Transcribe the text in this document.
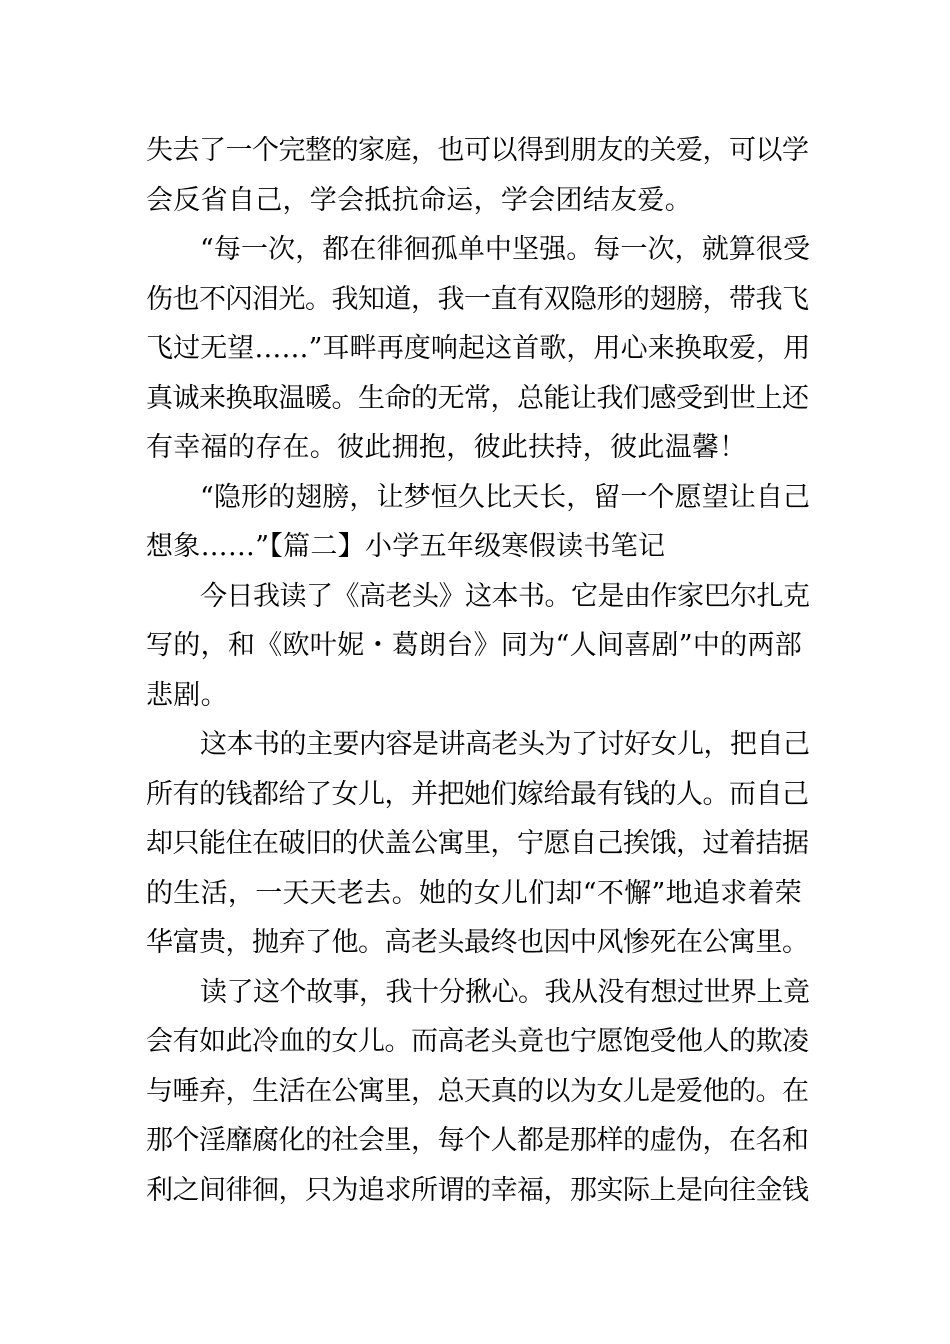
失去了一个完整的家庭，也可以得到朋友的关爱，可以学
会反省自己，学会抵抗命运，学会团结友爱。
“每一次，都在徘徊孤单中坚强。每一次，就算很受
伤也不闪泪光。我知道，我一直有双隐形的翅膀，带我飞
飞过无望……”耳畔再度响起这首歌，用心来换取爱，用
真诚来换取温暖。生命的无常，总能让我们感受到世上还
有幸福的存在。彼此拥抱，彼此扶持，彼此温馨！
“隐形的翅膀，让梦恒久比天长，留一个愿望让自己
想象……”【篇二】小学五年级寒假读书笔记
今日我读了《高老头》这本书。它是由作家巴尔扎克
写的，和《欧叶妮・葛朗台》同为“人间喜剧”中的两部
悲剧。
这本书的主要内容是讲高老头为了讨好女儿，把自己
所有的钱都给了女儿，并把她们嫁给最有钱的人。而自己
却只能住在破旧的伏盖公寓里，宁愿自己挨饿，过着拮据
的生活，一天天老去。她的女儿们却“不懈”地追求着荣
华富贵，抛弃了他。高老头最终也因中风惨死在公寓里。
读了这个故事，我十分揪心。我从没有想过世界上竟
会有如此冷血的女儿。而高老头竟也宁愿饱受他人的欺凌
与唾弃，生活在公寓里，总天真的以为女儿是爱他的。在
那个淫靡腐化的社会里，每个人都是那样的虚伪，在名和
利之间徘徊，只为追求所谓的幸福，那实际上是向往金钱
